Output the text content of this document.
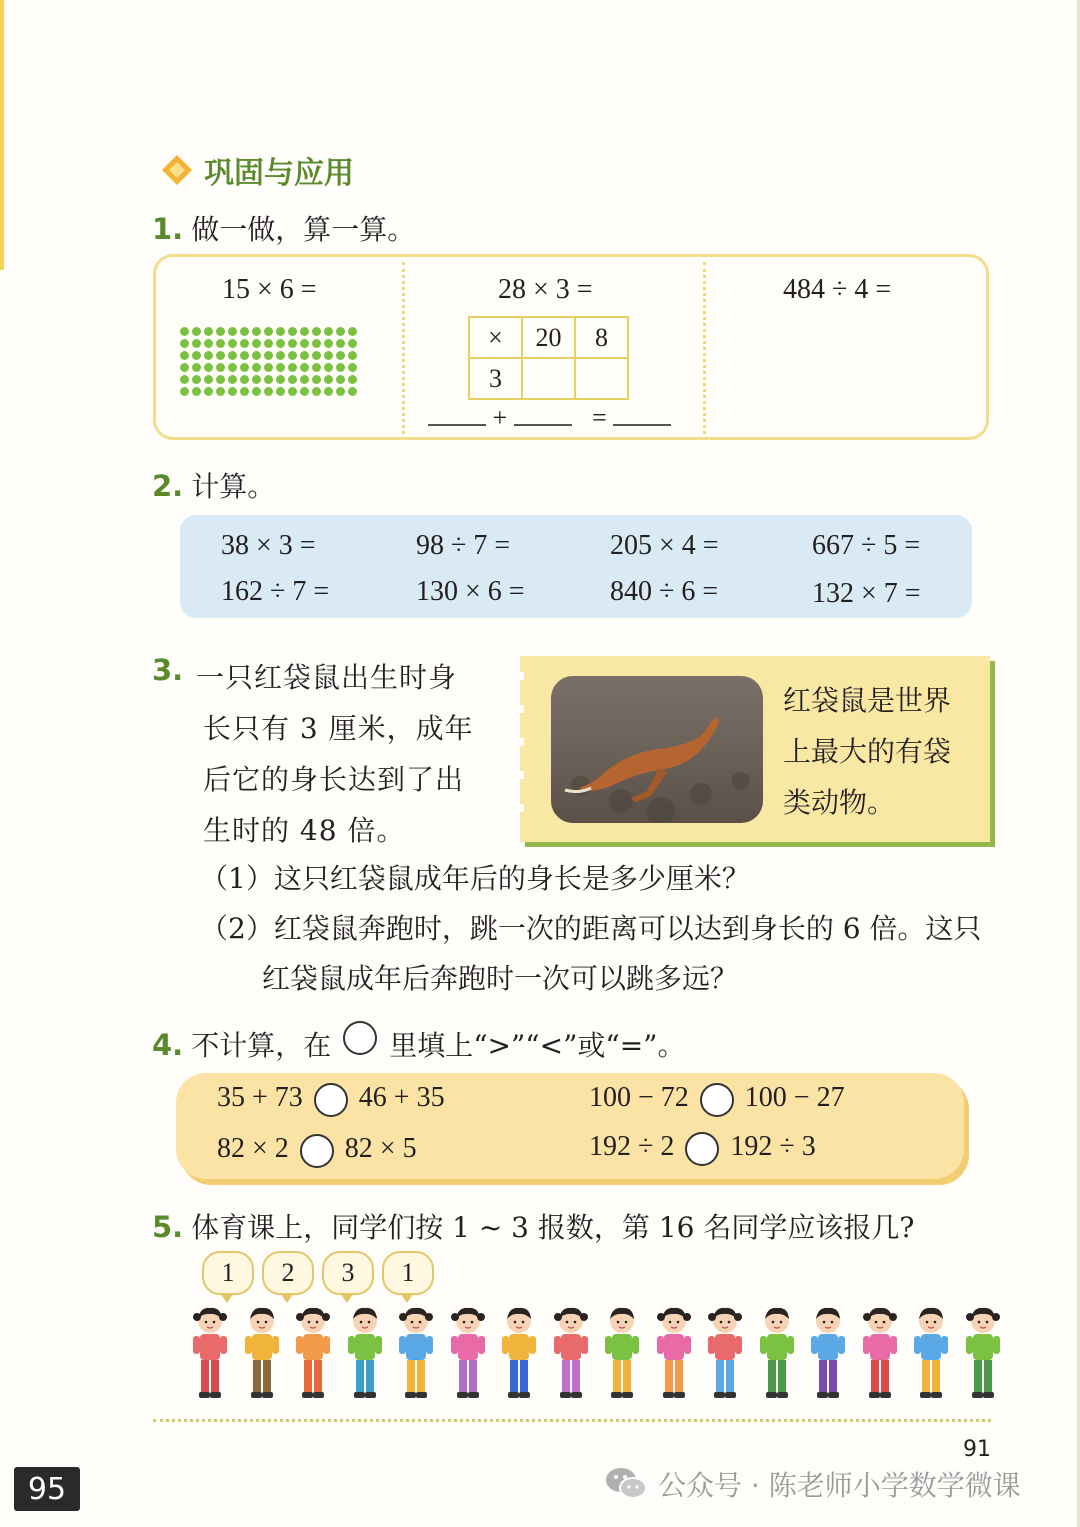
巩固与应用
1. 做一做，算一算。
15 × 6 =	28 × 3 =
×	20	8
3		
+	=
484 ÷ 4 =
2. 计算。
38 × 3 =	98 ÷ 7 =	205 × 4 =	667 ÷ 5 =
162 ÷ 7 =	130 × 6 =	840 ÷ 6 =	132 × 7 =
3. 一只红袋鼠出生时身
长只有 3 厘米，成年
后它的身长达到了出
生时的 48 倍。
红袋鼠是世界
上最大的有袋
类动物。
（1）这只红袋鼠成年后的身长是多少厘米？
（2）红袋鼠奔跑时，跳一次的距离可以达到身长的 6 倍。这只
红袋鼠成年后奔跑时一次可以跳多远？
4. 不计算，在 里填上“>”“<”或“=”。
35 + 73 46 + 35	100 − 72 100 − 27
82 × 2 82 × 5	192 ÷ 2 192 ÷ 3
5. 体育课上，同学们按 1 ~ 3 报数，第 16 名同学应该报几?
1	2	3	1
91
95	公众号 · 陈老师小学数学微课
